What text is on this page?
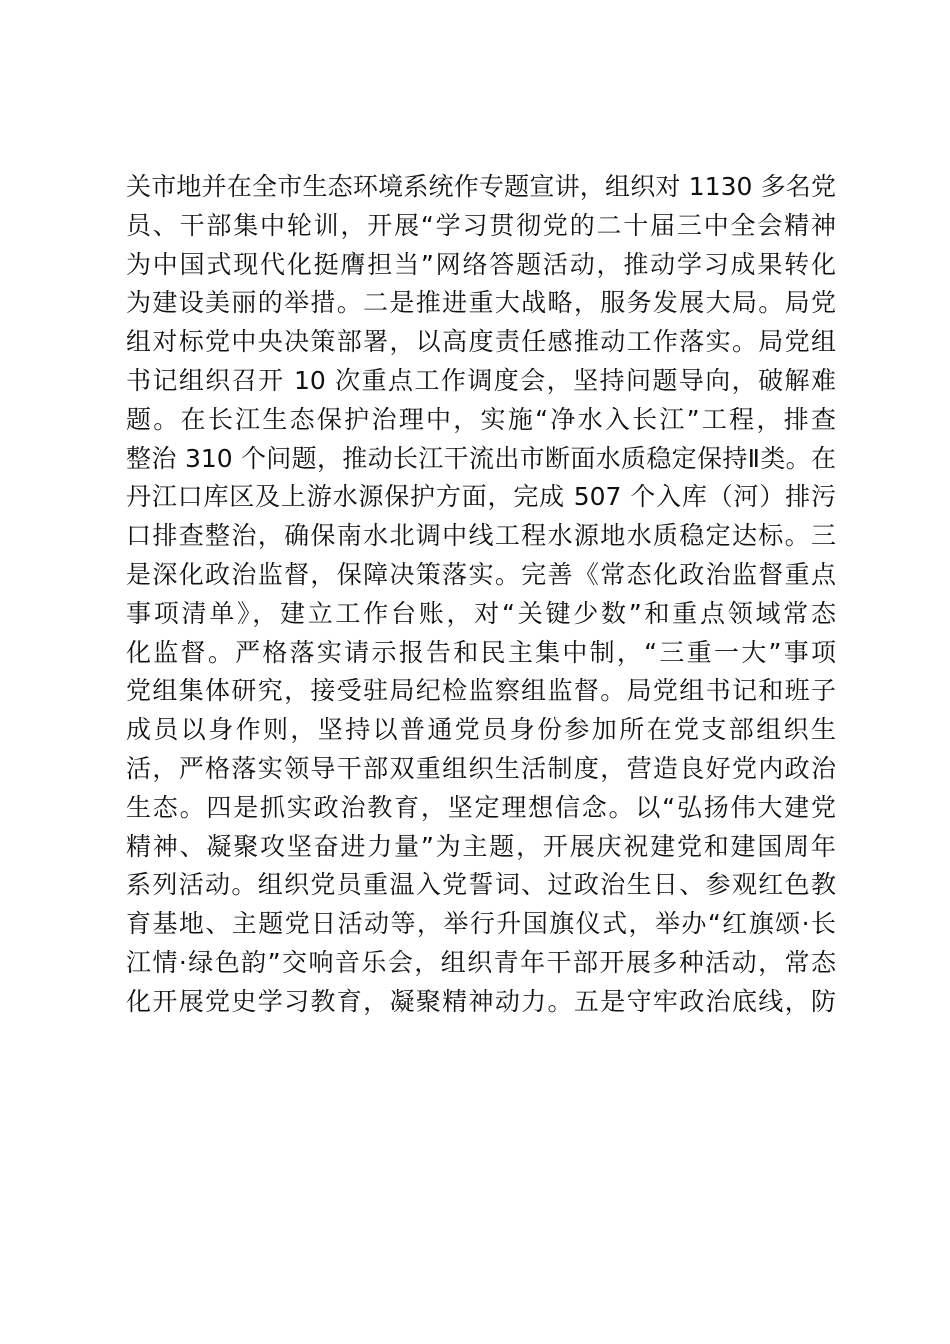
关市地并在全市生态环境系统作专题宣讲，组织对 1130 多名党
员、干部集中轮训，开展“学习贯彻党的二十届三中全会精神
为中国式现代化挺膺担当”网络答题活动，推动学习成果转化
为建设美丽的举措。二是推进重大战略，服务发展大局。局党
组对标党中央决策部署，以高度责任感推动工作落实。局党组
书记组织召开 10 次重点工作调度会，坚持问题导向，破解难
题。在长江生态保护治理中，实施“净水入长江”工程，排查
整治 310 个问题，推动长江干流出市断面水质稳定保持Ⅱ类。在
丹江口库区及上游水源保护方面，完成 507 个入库（河）排污
口排查整治，确保南水北调中线工程水源地水质稳定达标。三
是深化政治监督，保障决策落实。完善《常态化政治监督重点
事项清单》，建立工作台账，对“关键少数”和重点领域常态
化监督。严格落实请示报告和民主集中制，“三重一大”事项
党组集体研究，接受驻局纪检监察组监督。局党组书记和班子
成员以身作则，坚持以普通党员身份参加所在党支部组织生
活，严格落实领导干部双重组织生活制度，营造良好党内政治
生态。四是抓实政治教育，坚定理想信念。以“弘扬伟大建党
精神、凝聚攻坚奋进力量”为主题，开展庆祝建党和建国周年
系列活动。组织党员重温入党誓词、过政治生日、参观红色教
育基地、主题党日活动等，举行升国旗仪式，举办“红旗颂·长
江情·绿色韵”交响音乐会，组织青年干部开展多种活动，常态
化开展党史学习教育，凝聚精神动力。五是守牢政治底线，防
